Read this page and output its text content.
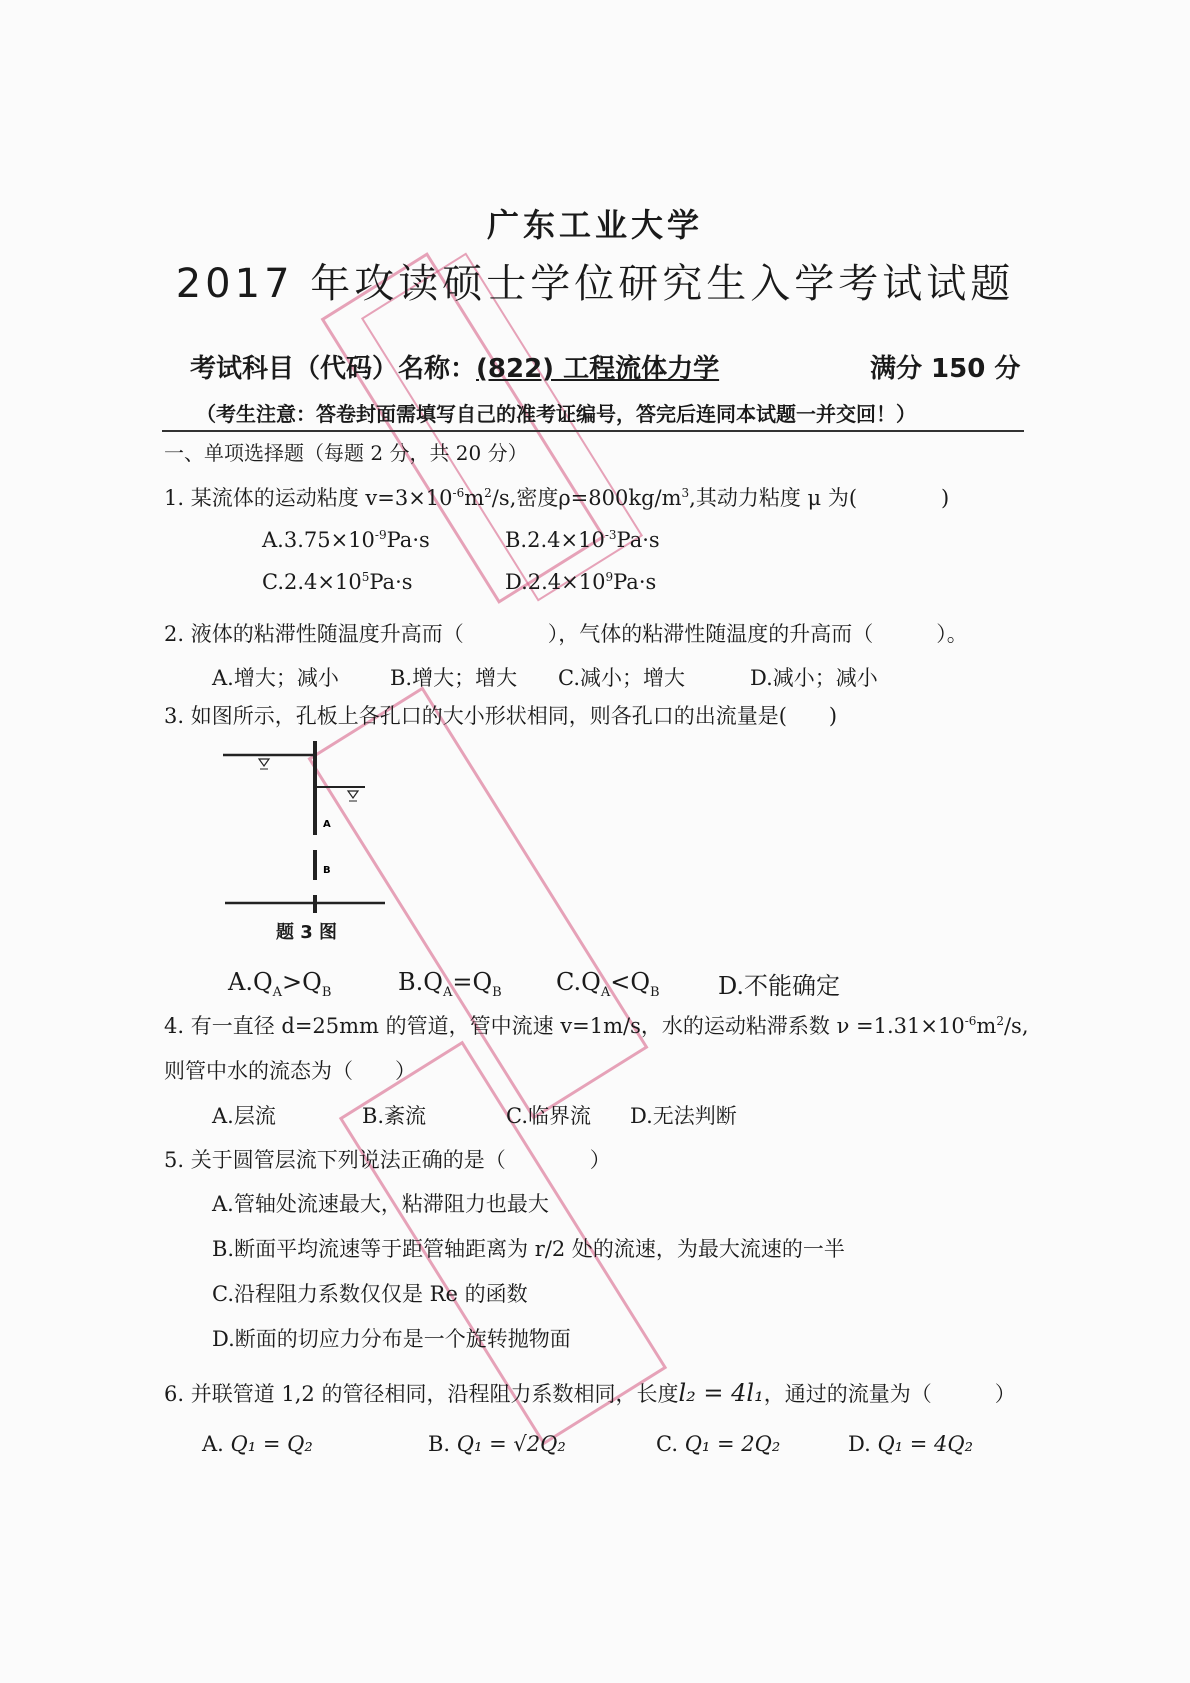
广东工业大学
2017 年攻读硕士学位研究生入学考试试题
考试科目（代码）名称：(822) 工程流体力学	满分 150 分
（考生注意：答卷封面需填写自己的准考证编号，答完后连同本试题一并交回！）
一、单项选择题（每题 2 分，共 20 分）
1. 某流体的运动粘度 $v=3\times 10^{-6}m^2/s$,密度$\rho=800kg/m^3$,其动力粘度 μ 为(　　　　)
$A.3.75\times 10^{-9}Pa\cdot s$	$B.2.4\times 10^{-3}Pa\cdot s$
$C.2.4\times 10^5Pa\cdot s$	$D.2.4\times 10^9Pa\cdot s$
2. 液体的粘滞性随温度升高而（　　　　），气体的粘滞性随温度的升高而（　　　）。
A.增大；减小 B.增大；增大 C.减小；增大	D.减小；减小
3. 如图所示，孔板上各孔口的大小形状相同，则各孔口的出流量是(　　)
A
B
题 3 图
$A.Q_A>Q_B$	$B.Q_A=Q_B$ $C.Q_A<Q_B$ D.不能确定
4. 有一直径 d=25mm 的管道，管中流速 v=1m/s，水的运动粘滞系数 $\nu =1.31\times 10^{-6}m^2/s$,
则管中水的流态为（　　）
A.层流	B.紊流	C.临界流 D.无法判断
5. 关于圆管层流下列说法正确的是（　　　　）
A.管轴处流速最大，粘滞阻力也最大
B.断面平均流速等于距管轴距离为 r/2 处的流速，为最大流速的一半
C.沿程阻力系数仅仅是 Re 的函数
D.断面的切应力分布是一个旋转抛物面
6. 并联管道 1,2 的管径相同，沿程阻力系数相同，长度l₂ = 4l₁，通过的流量为（　　　）
A. Q₁ = Q₂	B. Q₁ = √2Q₂	C. Q₁ = 2Q₂	D. Q₁ = 4Q₂
